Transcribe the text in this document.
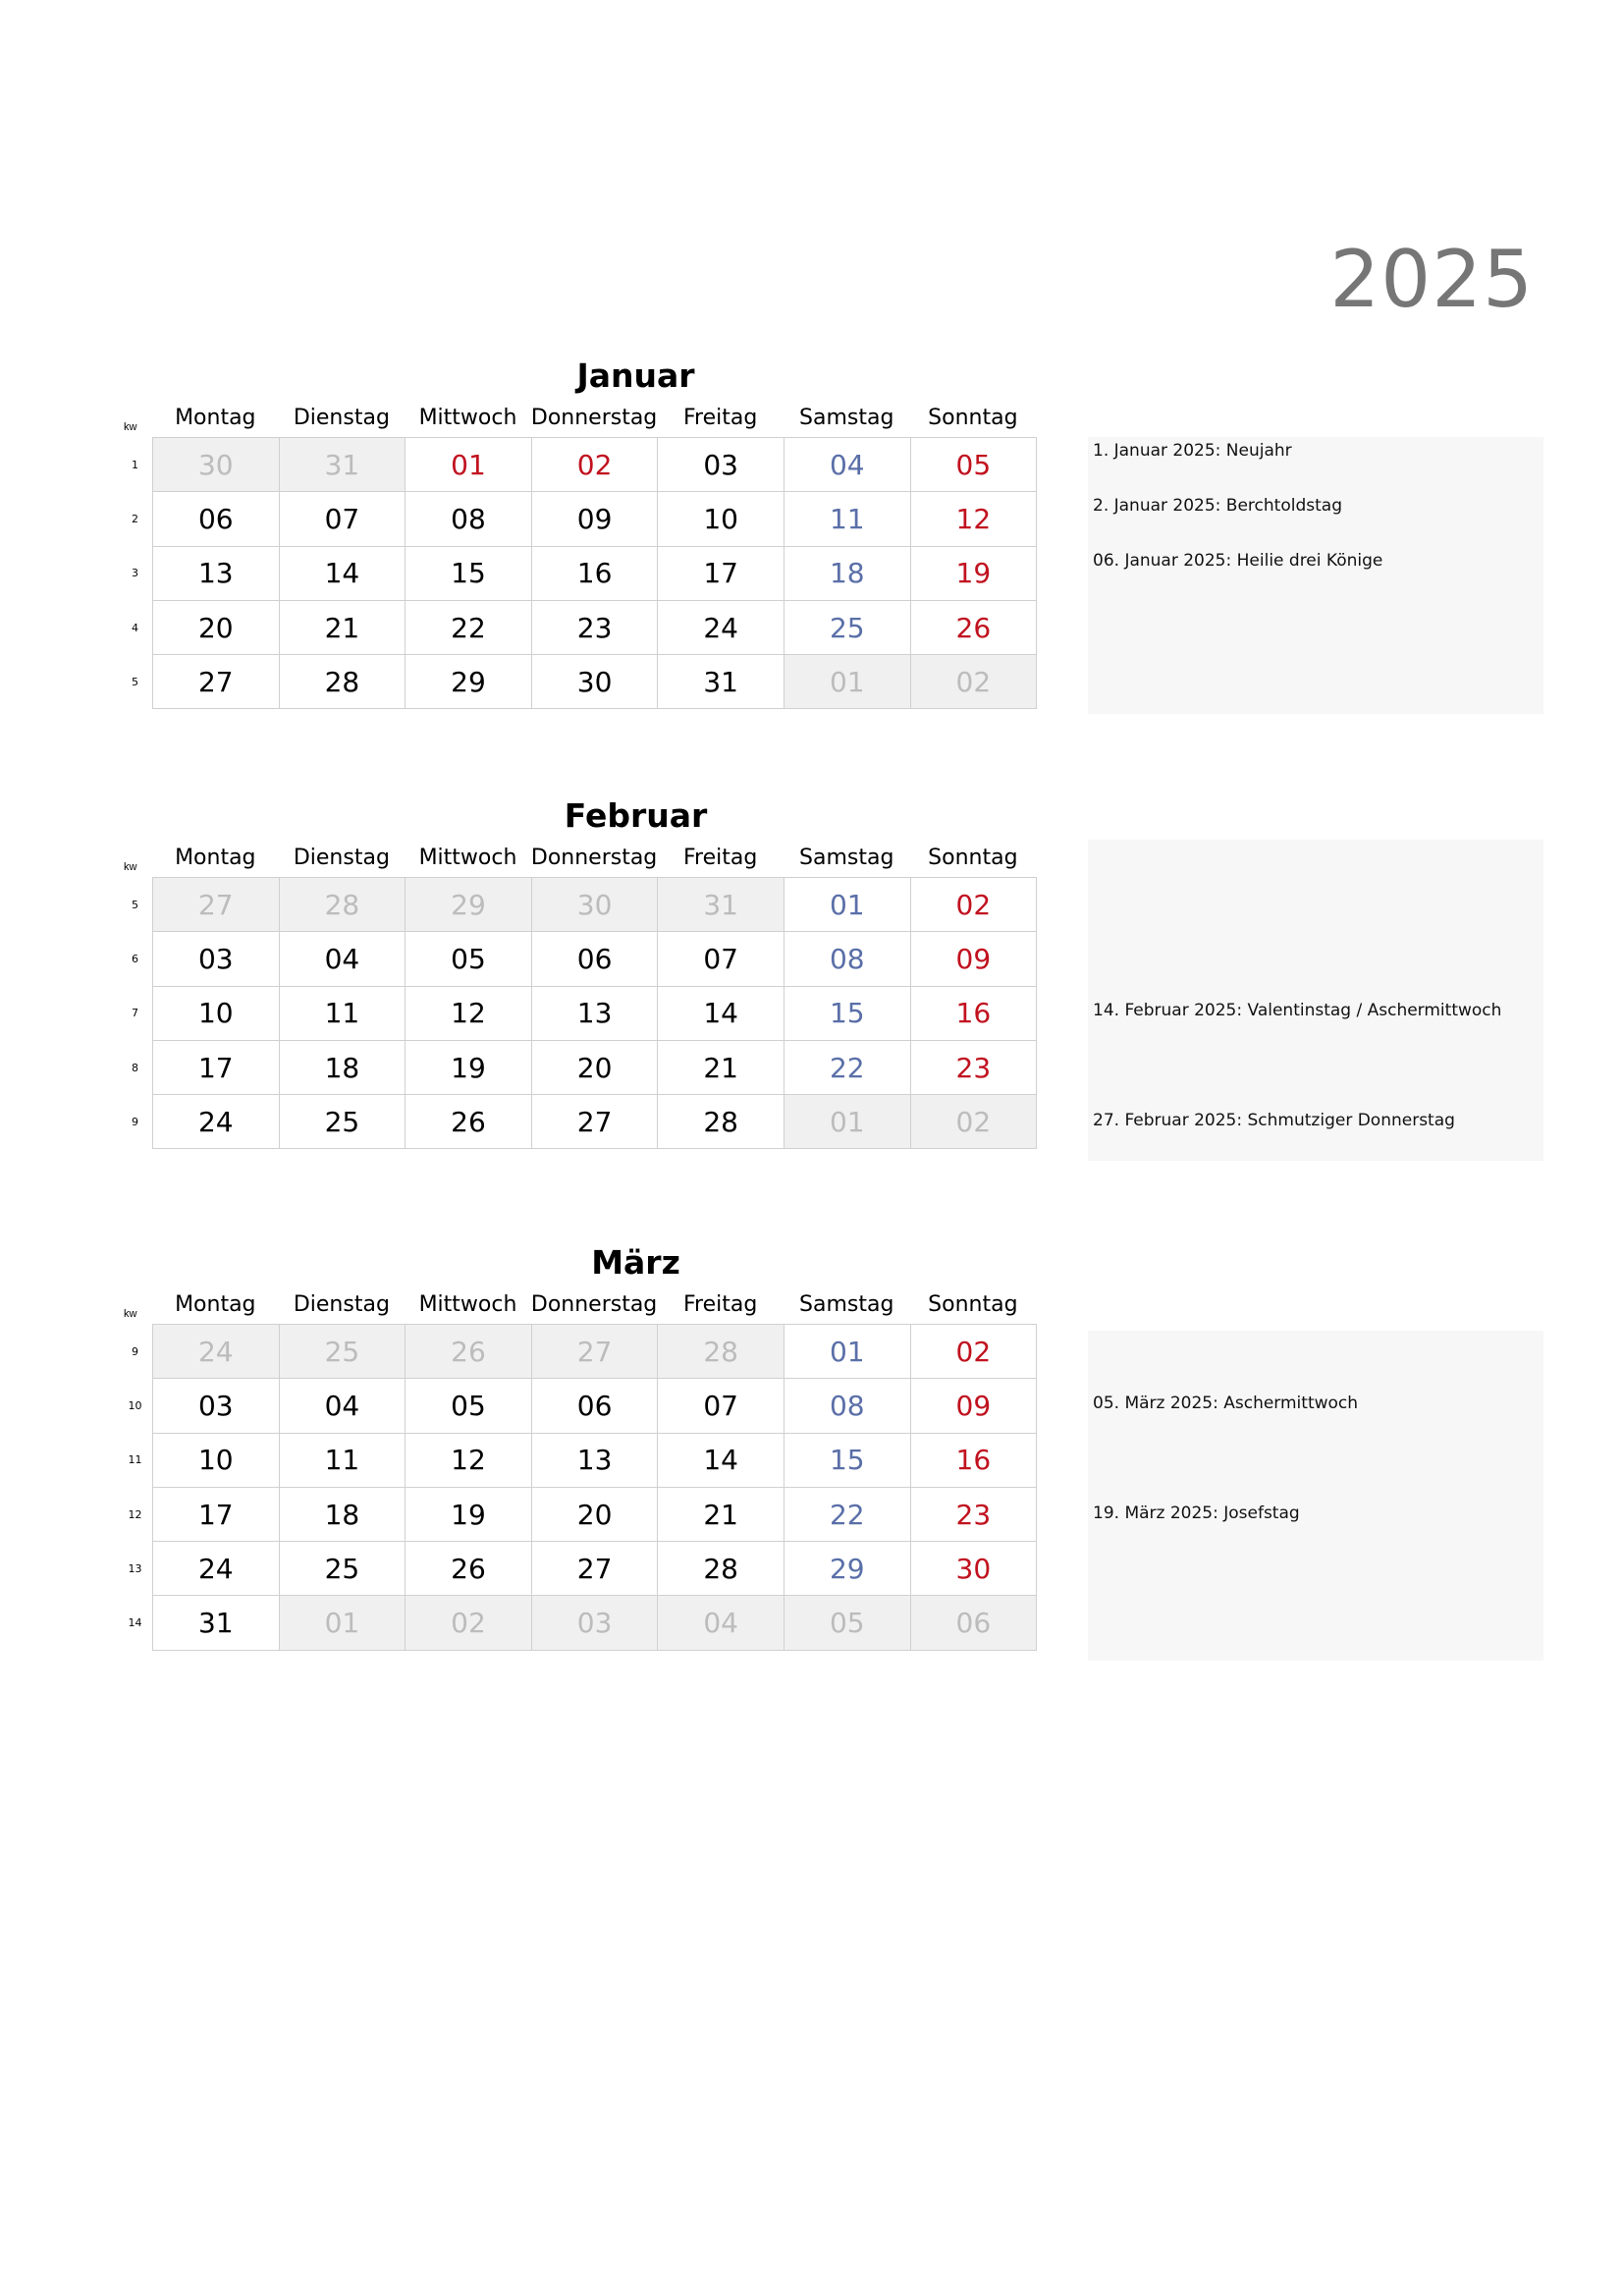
2025
Januar
kw	Montag	Dienstag	Mittwoch Donnerstag	Freitag	Samstag	Sonntag
1	30	31	01	02	03	04	05
2	06	07	08	09	10	11	12
3	13	14	15	16	17	18	19
4	20	21	22	23	24	25	26
5	27	28	29	30	31	01	02
1. Januar 2025: Neujahr
2. Januar 2025: Berchtoldstag
06. Januar 2025: Heilie drei Könige
Februar
kw	Montag	Dienstag	Mittwoch Donnerstag	Freitag	Samstag	Sonntag
5	27	28	29	30	31	01	02
6	03	04	05	06	07	08	09
7	10	11	12	13	14	15	16
8	17	18	19	20	21	22	23
9	24	25	26	27	28	01	02
14. Februar 2025: Valentinstag / Aschermittwoch
27. Februar 2025: Schmutziger Donnerstag
März
kw	Montag	Dienstag	Mittwoch Donnerstag	Freitag	Samstag	Sonntag
9	24	25	26	27	28	01	02
10	03	04	05	06	07	08	09
11	10	11	12	13	14	15	16
12	17	18	19	20	21	22	23
13	24	25	26	27	28	29	30
14	31	01	02	03	04	05	06
05. März 2025: Aschermittwoch
19. März 2025: Josefstag
